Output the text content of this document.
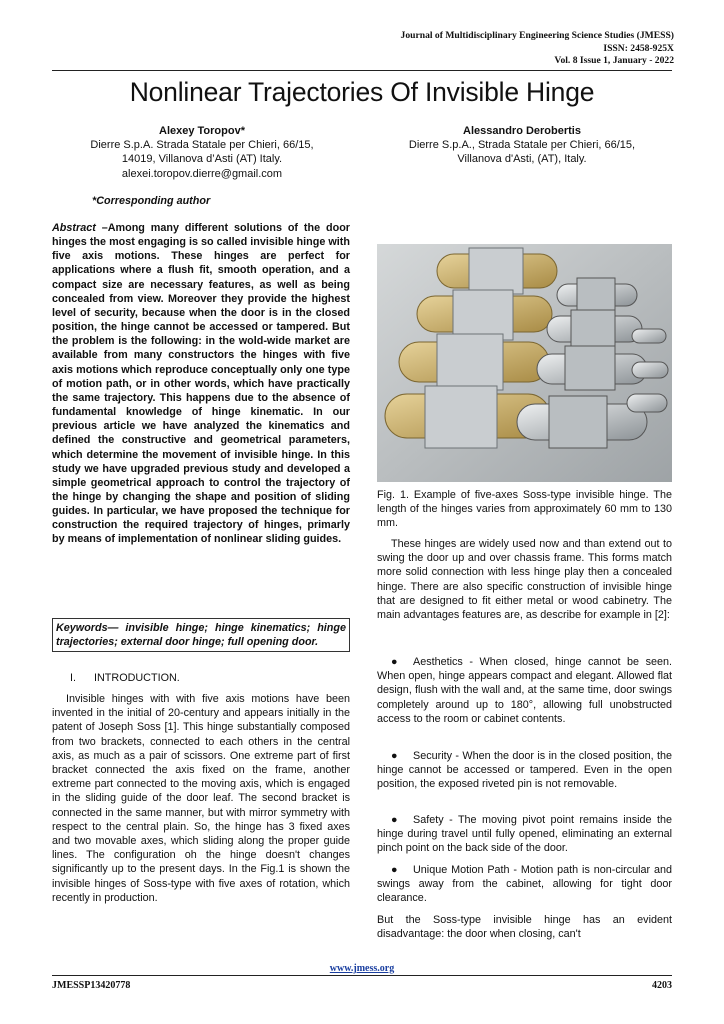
Journal of Multidisciplinary Engineering Science Studies (JMESS)
ISSN: 2458-925X
Vol. 8 Issue 1, January - 2022
Nonlinear Trajectories Of Invisible Hinge
Alexey Toropov*
Dierre S.p.A. Strada Statale per Chieri, 66/15,
14019, Villanova d’Asti (AT) Italy.
alexei.toropov.dierre@gmail.com
Alessandro Derobertis
Dierre S.p.A., Strada Statale per Chieri, 66/15,
Villanova d'Asti, (AT), Italy.
*Corresponding author

Abstract –Among many different solutions of the door hinges the most engaging is so called invisible hinge with five axis motions. These hinges are perfect for applications where a flush fit, smooth operation, and a compact size are necessary features, as well as being concealed from view. Moreover they provide the highest level of security, because when the door is in the closed position, the hinge cannot be accessed or tampered. But the problem is the following: in the wold-wide market are available from many constructors the hinges with five axis motions which reproduce conceptually only one type of motion path, or in other words, which have practically the same trajectory. This happens due to the absence of fundamental knowledge of hinge kinematic. In our previous article we have analyzed the kinematics and defined the constructive and geometrical parameters, which determine the movement of invisible hinge. In this study we have upgraded previous study and developed a simple geometrical approach to control the trajectory of the hinge by changing the shape and position of sliding guides. In particular, we have proposed the technique for construction the required trajectory of hinges, primarly by means of implementation of nonlinear sliding guides.

Keywords— invisible hinge; hinge kinematics; hinge trajectories; external door hinge; full opening door.
I. INTRODUCTION.

Invisible hinges with with five axis motions have been invented in the initial of 20-century and appears initially in the patent of Joseph Soss [1]. This hinge substantially composed from two brackets, connected to each others in the central axis, as much as a pair of scissors. One extreme part of first bracket connected the axis fixed on the frame, another extreme part connected to the moving axis, which is engaged in the sliding guide of the door leaf. The second bracket is connected in the same manner, but with mirror symmetry with respect to the central plain. So, the hinge has 3 fixed axes and two movable axes, which sliding along the proper guide lines. The configuration oh the hinge doesn't changes significantly up to the present days. In the Fig.1 is shown the invisible hinges of Soss-type with five axes of rotation, which recently in production.

Fig. 1. Example of five-axes Soss-type invisible hinge. The length of the hinges varies from approximately 60 mm to 130 mm.

These hinges are widely used now and than extend out to swing the door up and over chassis frame. This forms match more solid connection with less hinge play then a concealed hinge. There are also specific construction of invisible hinge that are designed to fit either metal or wood cabinetry. The main advantages features are, as describe for example in [2]:

● Aesthetics - When closed, hinge cannot be seen. When open, hinge appears compact and elegant. Allowed flat design, flush with the wall and, at the same time, door swings completely around up to 180°, allowing full unobstructed access to the room or cabinet contents.

● Security - When the door is in the closed position, the hinge cannot be accessed or tampered. Even in the open position, the exposed riveted pin is not removable.

● Safety - The moving pivot point remains inside the hinge during travel until fully opened, eliminating an external pinch point on the back side of the door.

● Unique Motion Path - Motion path is non-circular and swings away from the cabinet, allowing for tight door clearance.

But the Soss-type invisible hinge has an evident disadvantage: the door when closing, can't

www.jmess.org
JMESSP13420778	4203
